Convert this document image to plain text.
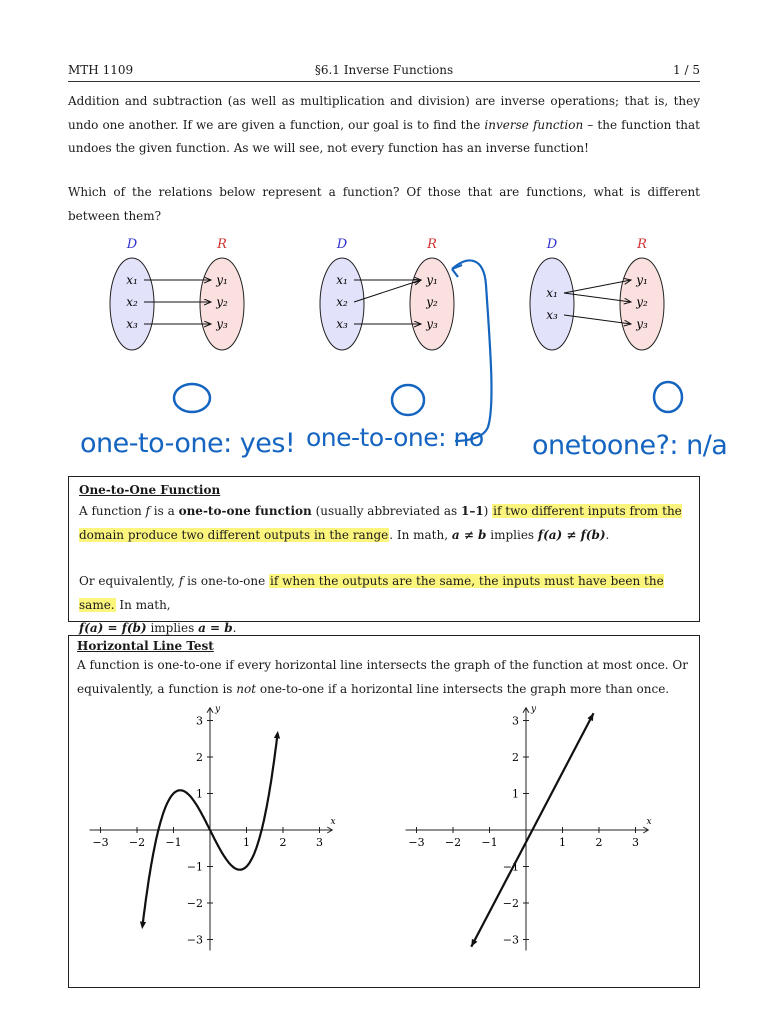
MTH 1109	§6.1 Inverse Functions	1 / 5
Addition and subtraction (as well as multiplication and division) are inverse operations; that is, they undo one another. If we are given a function, our goal is to find the inverse function – the function that undoes the given function. As we will see, not every function has an inverse function!
Which of the relations below represent a function? Of those that are functions, what is different between them?
D	R
x₁
x₂
x₃
y₁
y₂
y₃
D	R
x₁
x₂
x₃
y₁
y₂
y₃
D	R
x₁
x₃
y₁
y₂
y₃
one-to-one: yes! one-to-one: no onetoone?: n/a
One-to-One Function

A function f is a one-to-one function (usually abbreviated as 1–1) if two different inputs from the domain produce two different outputs in the range. In math, a ≠ b implies f(a) ≠ f(b).

Or equivalently, f is one-to-one if when the outputs are the same, the inputs must have been the same. In math,
f(a) = f(b) implies a = b.

Horizontal Line Test

A function is one-to-one if every horizontal line intersects the graph of the function at most once. Or equivalently, a function is not one-to-one if a horizontal line intersects the graph more than once.

x
y
−3
−3
−2
−2
−1
−1
1
1
2
2
3
3
x
y
−3
−3
−2
−2
−1
−1
1
1
2
2
3
3
